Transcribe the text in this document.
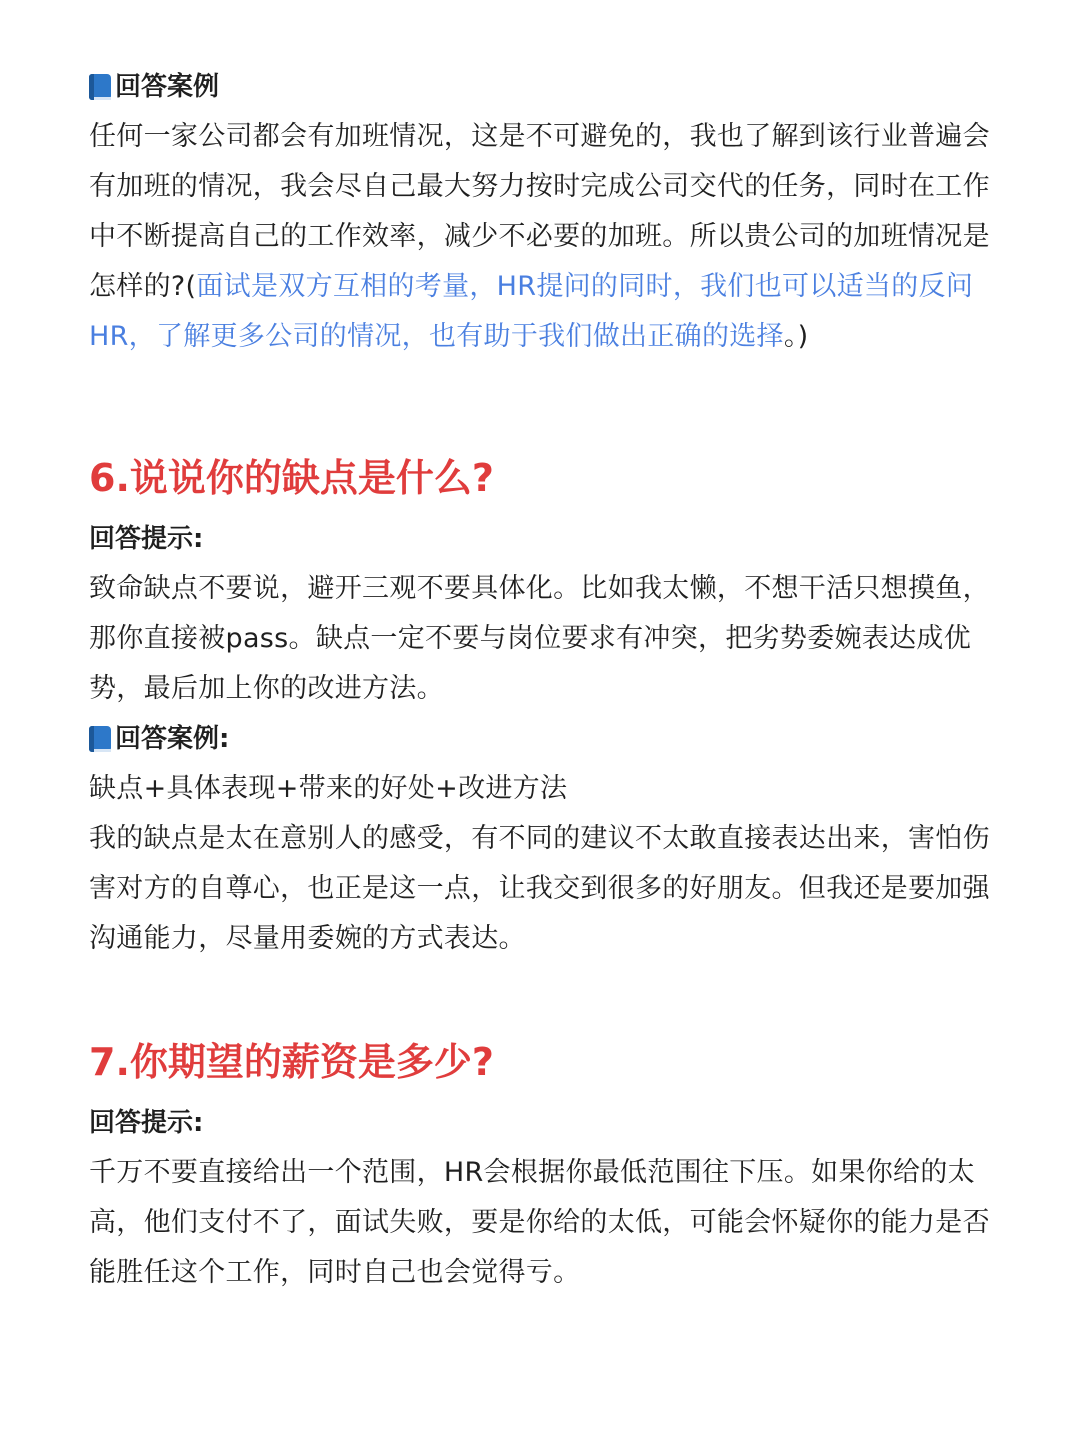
回答案例
任何一家公司都会有加班情况，这是不可避免的，我也了解到该行业普遍会
有加班的情况，我会尽自己最大努力按时完成公司交代的任务，同时在工作
中不断提高自己的工作效率，减少不必要的加班。所以贵公司的加班情况是
怎样的?(面试是双方互相的考量，HR提问的同时，我们也可以适当的反问
HR，了解更多公司的情况，也有助于我们做出正确的选择。)
6.说说你的缺点是什么?
回答提示:
致命缺点不要说，避开三观不要具体化。比如我太懒，不想干活只想摸鱼，
那你直接被pass。缺点一定不要与岗位要求有冲突，把劣势委婉表达成优
势，最后加上你的改进方法。
回答案例:
缺点+具体表现+带来的好处+改进方法
我的缺点是太在意别人的感受，有不同的建议不太敢直接表达出来，害怕伤
害对方的自尊心，也正是这一点，让我交到很多的好朋友。但我还是要加强
沟通能力，尽量用委婉的方式表达。
7.你期望的薪资是多少?
回答提示:
千万不要直接给出一个范围，HR会根据你最低范围往下压。如果你给的太
高，他们支付不了，面试失败，要是你给的太低，可能会怀疑你的能力是否
能胜任这个工作，同时自己也会觉得亏。
